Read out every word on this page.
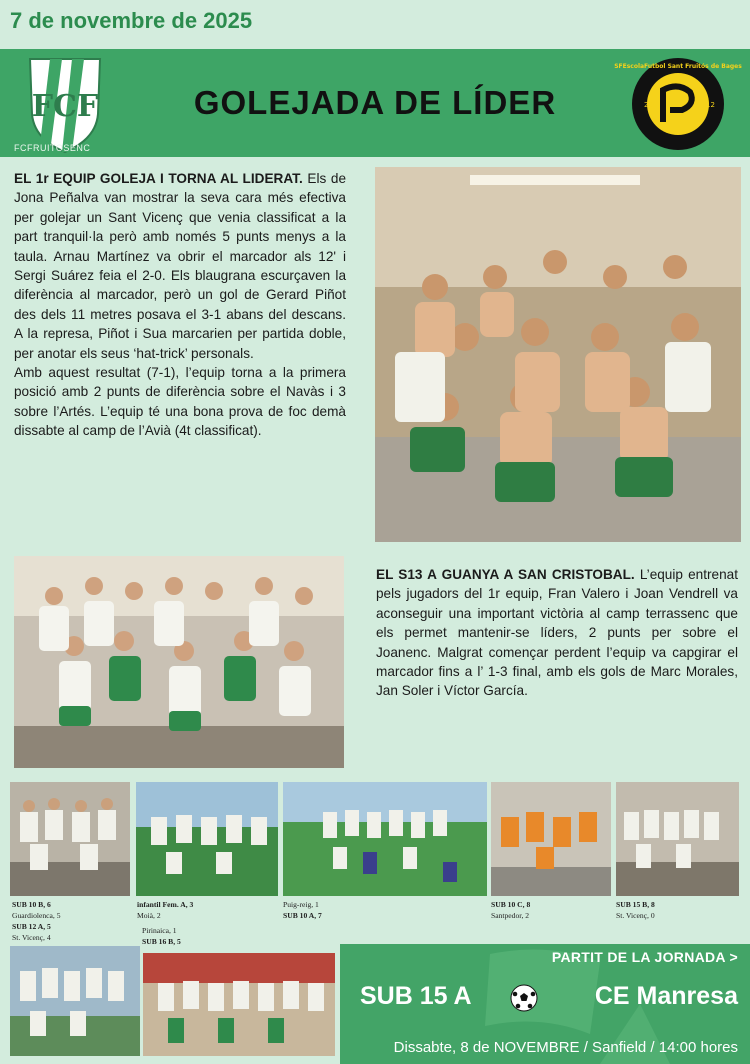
7 de novembre de 2025
FCF
FCFRUITOSENC
GOLEJADA DE LÍDER
SFEscolaFutbol Sant Fruitós de Bages
20	12

EL 1r EQUIP GOLEJA I TORNA AL LIDERAT. Els de Jona Peñalva van mostrar la seva cara més efectiva per golejar un Sant Vicenç que venia classificat a la part tranquil·la però amb només 5 punts menys a la taula. Arnau Martínez va obrir el marcador als 12' i Sergi Suárez feia el 2-0. Els blaugrana escurçaven la diferència al marcador, però un gol de Gerard Piñot des dels 11 metres posava el 3-1 abans del descans. A la represa, Piñot i Sua marcarien per partida doble, per anotar els seus ‘hat-trick’ personals.

Amb aquest resultat (7-1), l’equip torna a la primera posició amb 2 punts de diferència sobre el Navàs i 3 sobre l’Artés. L’equip té una bona prova de foc demà dissabte al camp de l’Avià (4t classificat).

EL S13 A GUANYA A SAN CRISTOBAL. L’equip entrenat pels jugadors del 1r equip, Fran Valero i Joan Vendrell va aconseguir una important victòria al camp terrassenc que els permet mantenir-se líders, 2 punts per sobre el Joanenc. Malgrat començar perdent l’equip va capgirar el marcador fins a l’ 1-3 final, amb els gols de Marc Morales, Jan Soler i Víctor García.

SUB 10 B, 6
Guardiolenca, 5
SUB 12 A, 5
St. Vicenç, 4
infantil Fem. A, 3
Moià, 2
Pirinaica, 1
SUB 16 B, 5
Puig-reig, 1
SUB 10 A, 7
SUB 10 C, 8
Santpedor, 2
SUB 15 B, 8
St. Vicenç, 0
PARTIT DE LA JORNADA >
SUB 15 A	CE Manresa
Dissabte, 8 de NOVEMBRE / Sanfield / 14:00 hores
